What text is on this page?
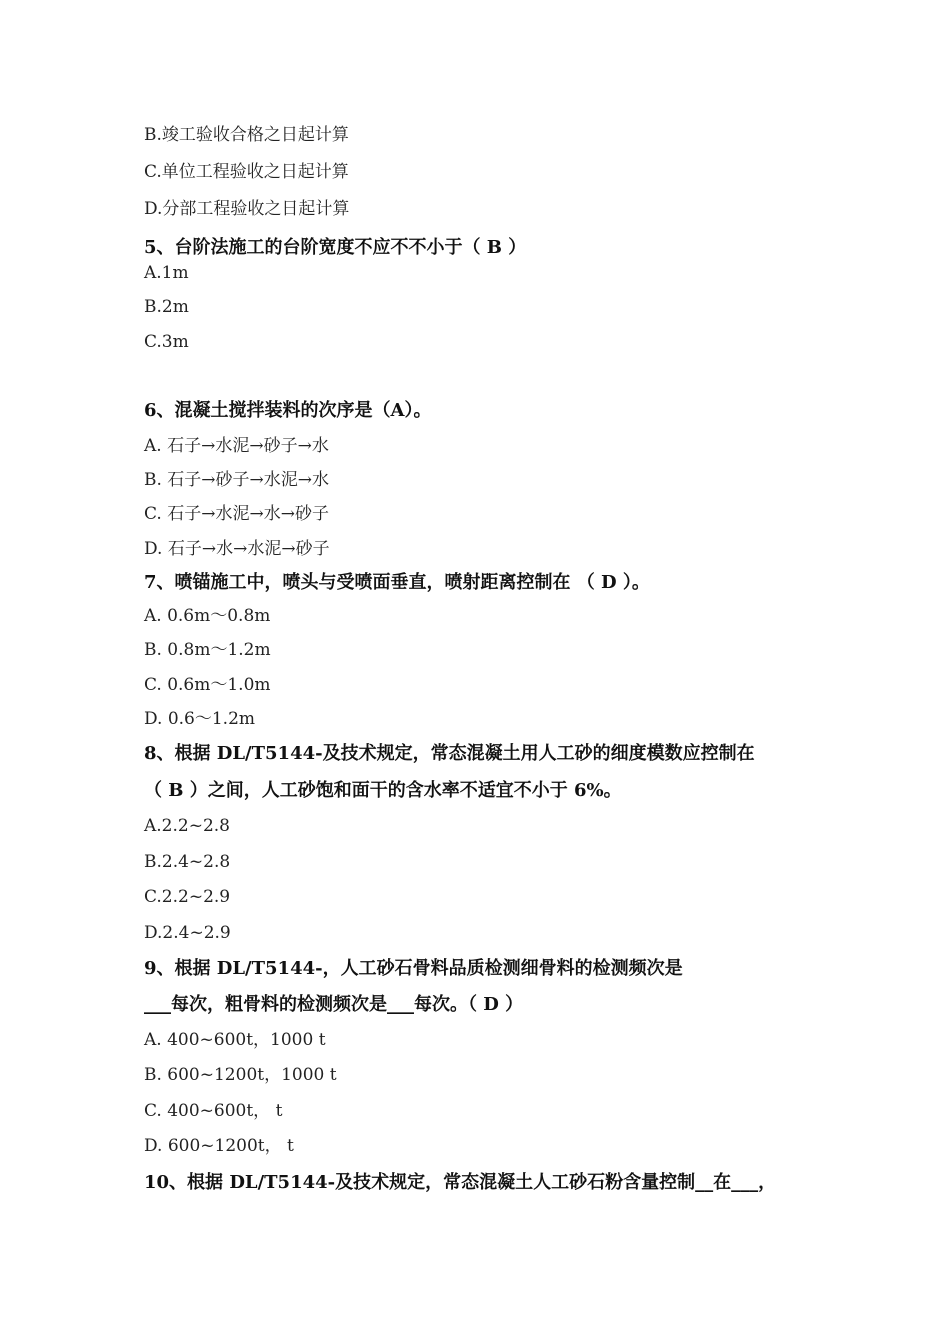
B.竣工验收合格之日起计算
C.单位工程验收之日起计算
D.分部工程验收之日起计算
5、台阶法施工的台阶宽度不应不不小于（ B ）
A.1m
B.2m
C.3m
6、混凝土搅拌装料的次序是（A）。
A. 石子→水泥→砂子→水
B. 石子→砂子→水泥→水
C. 石子→水泥→水→砂子
D. 石子→水→水泥→砂子
7、喷锚施工中，喷头与受喷面垂直，喷射距离控制在 （ D ）。
A. 0.6m～0.8m
B. 0.8m～1.2m
C. 0.6m～1.0m
D. 0.6～1.2m
8、根据 DL/T5144-及技术规定，常态混凝土用人工砂的细度模数应控制在
（ B ）之间，人工砂饱和面干的含水率不适宜不小于 6%。
A.2.2~2.8
B.2.4~2.8
C.2.2~2.9
D.2.4~2.9
9、根据 DL/T5144-，人工砂石骨料品质检测细骨料的检测频次是
___每次，粗骨料的检测频次是___每次。（ D ）
A. 400~600t，1000 t
B. 600~1200t，1000 t
C. 400~600t， t
D. 600~1200t， t
10、根据 DL/T5144-及技术规定，常态混凝土人工砂石粉含量控制__在___，
